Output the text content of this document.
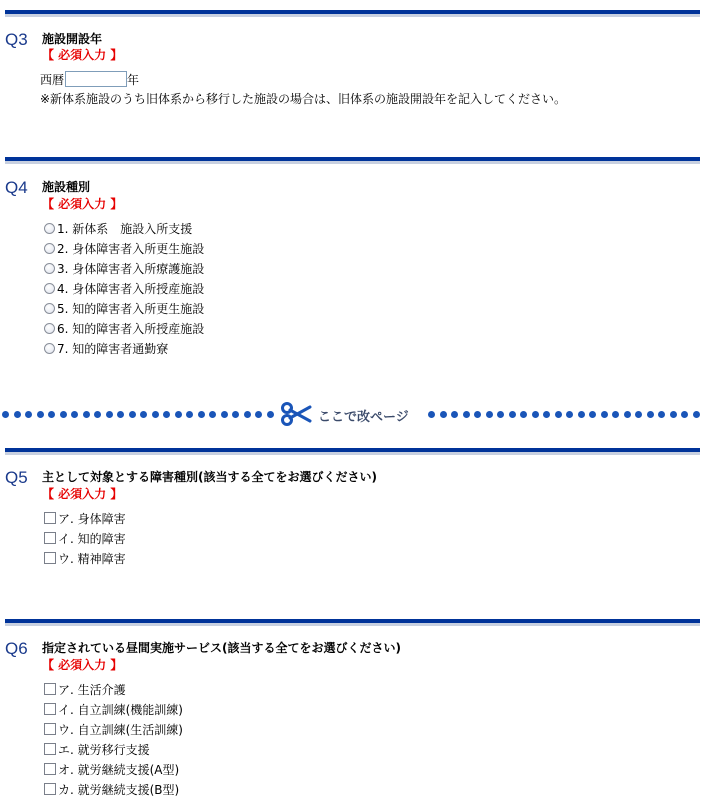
Q3 施設開設年
【 必須入力 】
西暦	年
※新体系施設のうち旧体系から移行した施設の場合は、旧体系の施設開設年を記入してください。
Q4 施設種別
【 必須入力 】
1. 新体系　施設入所支援
2. 身体障害者入所更生施設
3. 身体障害者入所療護施設
4. 身体障害者入所授産施設
5. 知的障害者入所更生施設
6. 知的障害者入所授産施設
7. 知的障害者通勤寮
ここで改ページ
Q5 主として対象とする障害種別(該当する全てをお選びください)
【 必須入力 】
ア. 身体障害
イ. 知的障害
ウ. 精神障害
Q6 指定されている昼間実施サービス(該当する全てをお選びください)
【 必須入力 】
ア. 生活介護
イ. 自立訓練(機能訓練)
ウ. 自立訓練(生活訓練)
エ. 就労移行支援
オ. 就労継続支援(A型)
カ. 就労継続支援(B型)
